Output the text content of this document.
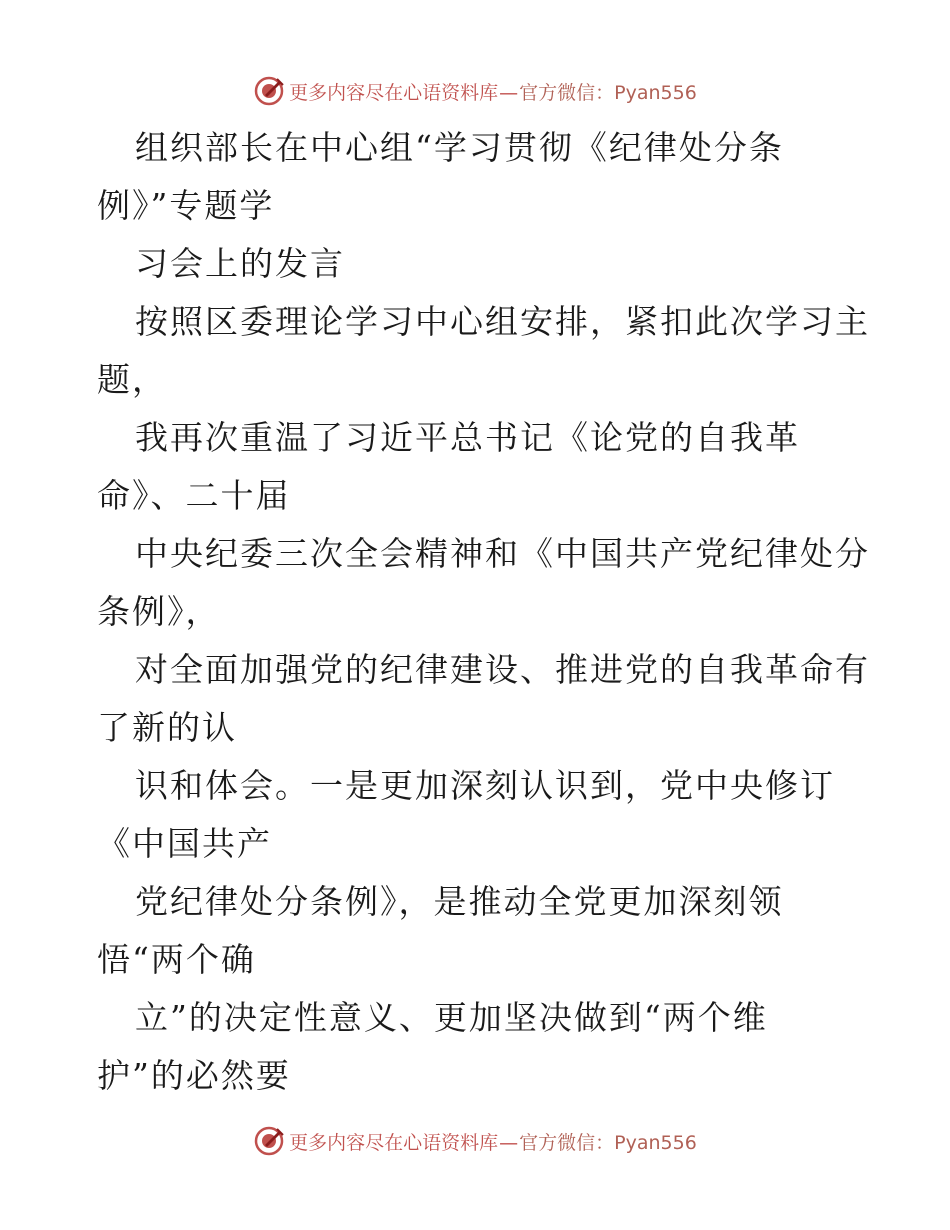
更多内容尽在心语资料库—官方微信：Pyan556
组织部长在中心组“学习贯彻《纪律处分条
例》”专题学
习会上的发言
按照区委理论学习中心组安排，紧扣此次学习主
题，
我再次重温了习近平总书记《论党的自我革
命》、二十届
中央纪委三次全会精神和《中国共产党纪律处分
条例》，
对全面加强党的纪律建设、推进党的自我革命有
了新的认
识和体会。一是更加深刻认识到，党中央修订
《中国共产
党纪律处分条例》，是推动全党更加深刻领
悟“两个确
立”的决定性意义、更加坚决做到“两个维
护”的必然要
更多内容尽在心语资料库—官方微信：Pyan556
